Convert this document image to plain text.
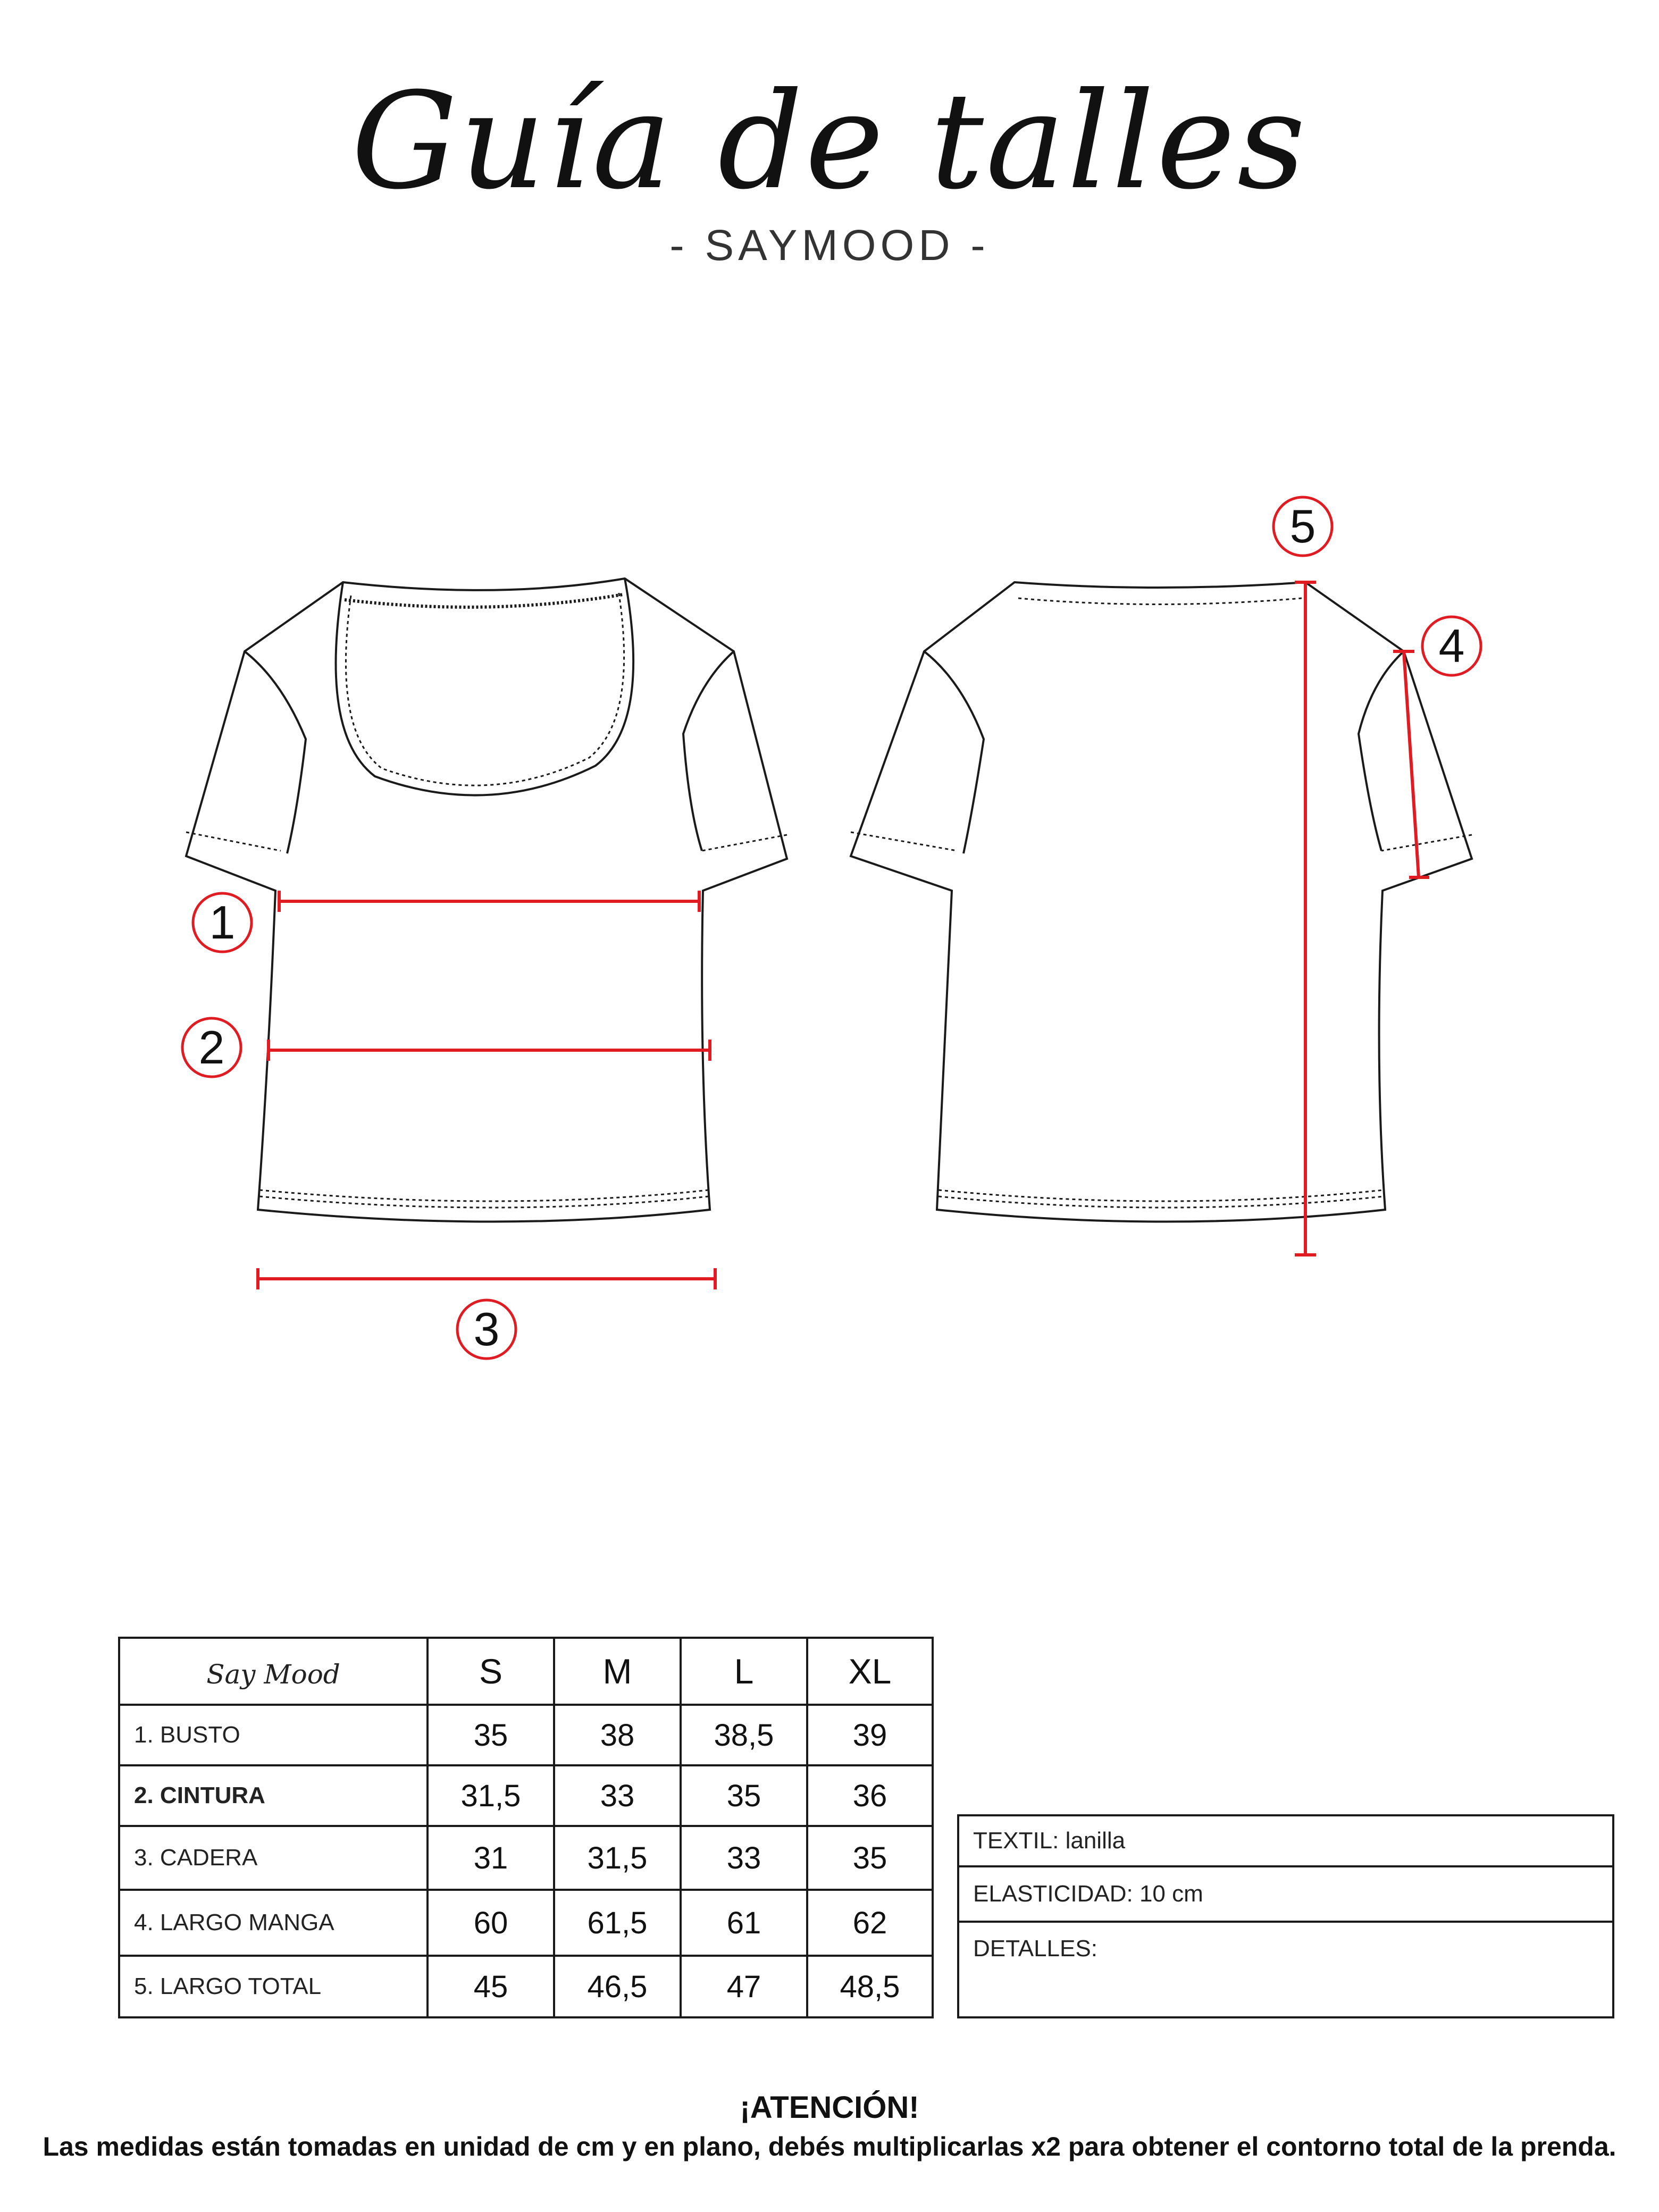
Guía de talles
- SAYMOOD -
1
2
3
4
5
Say Mood	S	M	L	XL
1. BUSTO	35	38	38,5	39
2. CINTURA	31,5	33	35	36
3. CADERA	31	31,5	33	35
4. LARGO MANGA	60	61,5	61	62
5. LARGO TOTAL	45	46,5	47	48,5
TEXTIL: lanilla
ELASTICIDAD: 10 cm
DETALLES:
¡ATENCIÓN!
Las medidas están tomadas en unidad de cm y en plano, debés multiplicarlas x2 para obtener el contorno total de la prenda.
